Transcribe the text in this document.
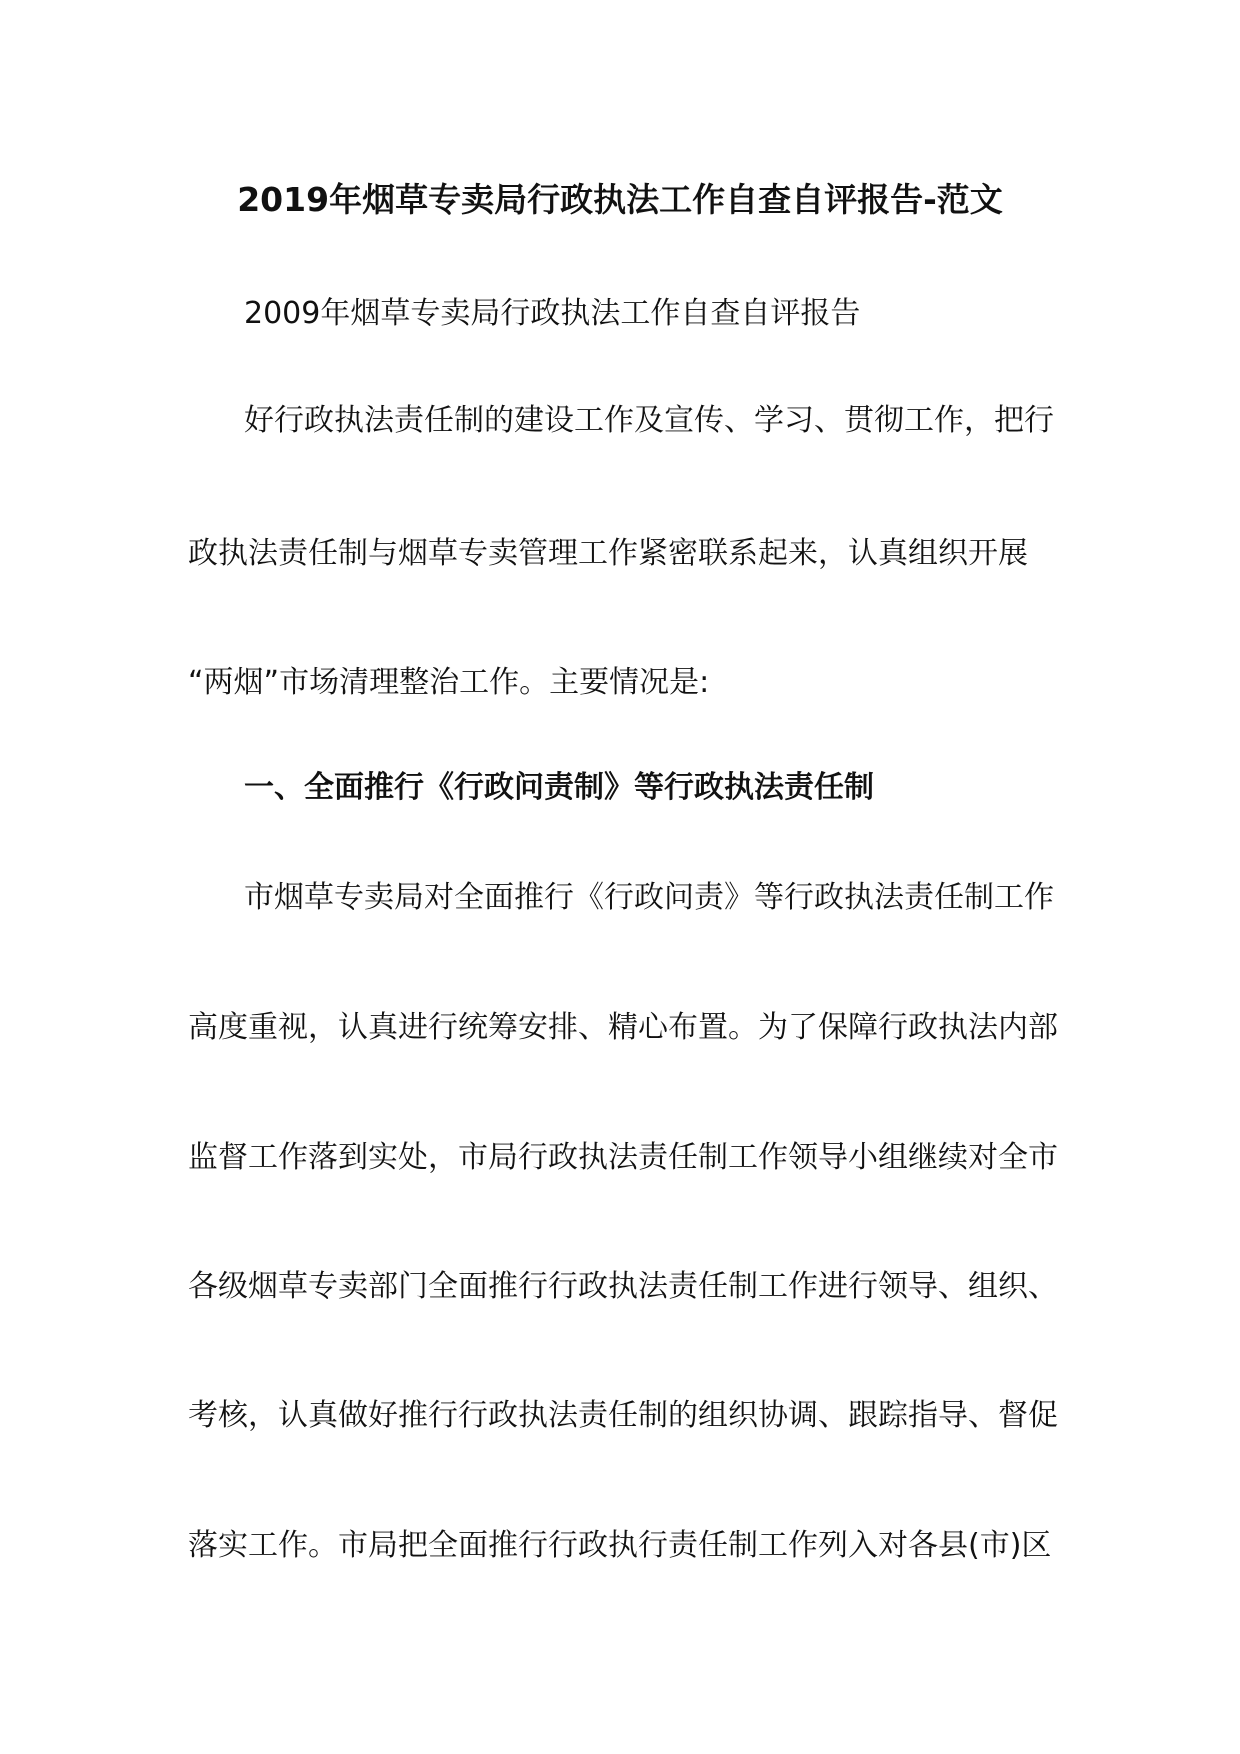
2019年烟草专卖局行政执法工作自查自评报告-范文
2009年烟草专卖局行政执法工作自查自评报告
好行政执法责任制的建设工作及宣传、学习、贯彻工作，把行
政执法责任制与烟草专卖管理工作紧密联系起来，认真组织开展
“两烟”市场清理整治工作。主要情况是:
一、全面推行《行政问责制》等行政执法责任制
市烟草专卖局对全面推行《行政问责》等行政执法责任制工作
高度重视，认真进行统筹安排、精心布置。为了保障行政执法内部
监督工作落到实处，市局行政执法责任制工作领导小组继续对全市
各级烟草专卖部门全面推行行政执法责任制工作进行领导、组织、
考核，认真做好推行行政执法责任制的组织协调、跟踪指导、督促
落实工作。市局把全面推行行政执行责任制工作列入对各县(市)区
